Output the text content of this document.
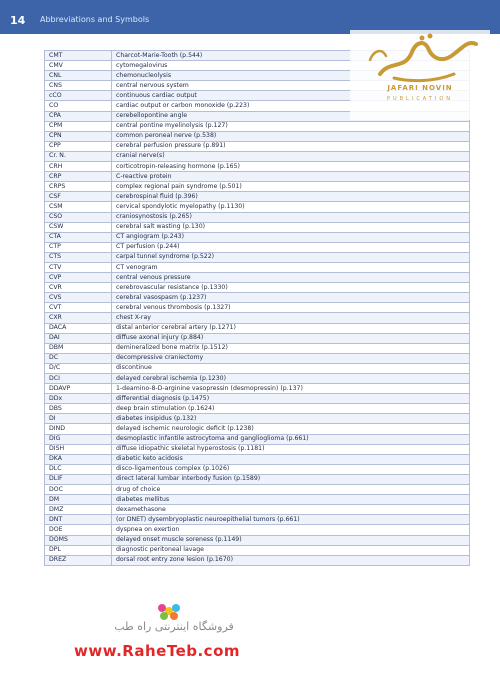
14 Abbreviations and Symbols
CMT	Charcot-Marie-Tooth (p.544)
CMV	cytomegalovirus
CNL	chemonucleolysis
CNS	central nervous system
cCO	continuous cardiac output
CO	cardiac output or carbon monoxide (p.223)
CPA	cerebellopontine angle
CPM	central pontine myelinolysis (p.127)
CPN	common peroneal nerve (p.538)
CPP	cerebral perfusion pressure (p.891)
Cr. N.	cranial nerve(s)
CRH	corticotropin-releasing hormone (p.165)
CRP	C-reactive protein
CRPS	complex regional pain syndrome (p.501)
CSF	cerebrospinal fluid (p.396)
CSM	cervical spondylotic myelopathy (p.1130)
CSO	craniosynostosis (p.265)
CSW	cerebral salt wasting (p.130)
CTA	CT angiogram (p.243)
CTP	CT perfusion (p.244)
CTS	carpal tunnel syndrome (p.522)
CTV	CT venogram
CVP	central venous pressure
CVR	cerebrovascular resistance (p.1330)
CVS	cerebral vasospasm (p.1237)
CVT	cerebral venous thrombosis (p.1327)
CXR	chest X-ray
DACA	distal anterior cerebral artery (p.1271)
DAI	diffuse axonal injury (p.884)
DBM	demineralized bone matrix (p.1512)
DC	decompressive craniectomy
D/C	discontinue
DCI	delayed cerebral ischemia (p.1230)
DDAVP	1-deamino-8-D-arginine vasopressin (desmopressin) (p.137)
DDx	differential diagnosis (p.1475)
DBS	deep brain stimulation (p.1624)
DI	diabetes insipidus (p.132)
DIND	delayed ischemic neurologic deficit (p.1238)
DIG	desmoplastic infantile astrocytoma and ganglioglioma (p.661)
DISH	diffuse idiopathic skeletal hyperostosis (p.1181)
DKA	diabetic keto acidosis
DLC	disco-ligamentous complex (p.1026)
DLIF	direct lateral lumbar interbody fusion (p.1589)
DOC	drug of choice
DM	diabetes mellitus
DMZ	dexamethasone
DNT	(or DNET) dysembryoplastic neuroepithelial tumors (p.661)
DOE	dyspnea on exertion
DOMS	delayed onset muscle soreness (p.1149)
DPL	diagnostic peritoneal lavage
DREZ	dorsal root entry zone lesion (p.1670)
JAFARI NOVIN
PUBLICATION
فروشگاه اینترنتی راه طب
www.RaheTeb.com
